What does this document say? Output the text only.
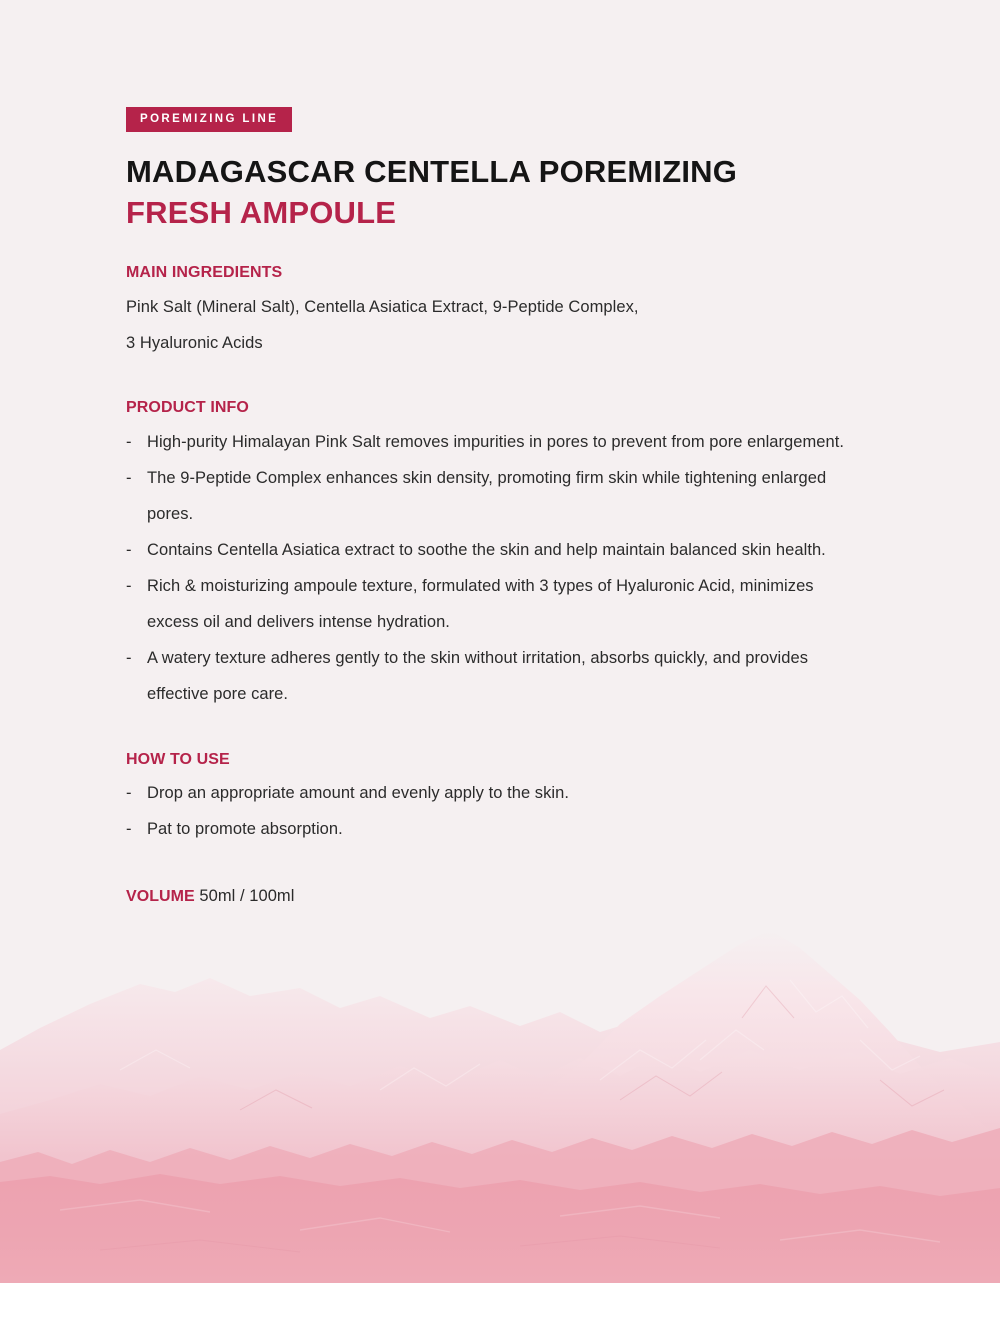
POREMIZING LINE
MADAGASCAR CENTELLA POREMIZING
FRESH AMPOULE
MAIN INGREDIENTS
Pink Salt (Mineral Salt), Centella Asiatica Extract, 9-Peptide Complex,
3 Hyaluronic Acids
PRODUCT INFO
- High-purity Himalayan Pink Salt removes impurities in pores to prevent from pore enlargement.
- The 9-Peptide Complex enhances skin density, promoting firm skin while tightening enlarged pores.
- Contains Centella Asiatica extract to soothe the skin and help maintain balanced skin health.
- Rich & moisturizing ampoule texture, formulated with 3 types of Hyaluronic Acid, minimizes excess oil and delivers intense hydration.
- A watery texture adheres gently to the skin without irritation, absorbs quickly, and provides effective pore care.
HOW TO USE
- Drop an appropriate amount and evenly apply to the skin.
- Pat to promote absorption.
VOLUME 50ml / 100ml
